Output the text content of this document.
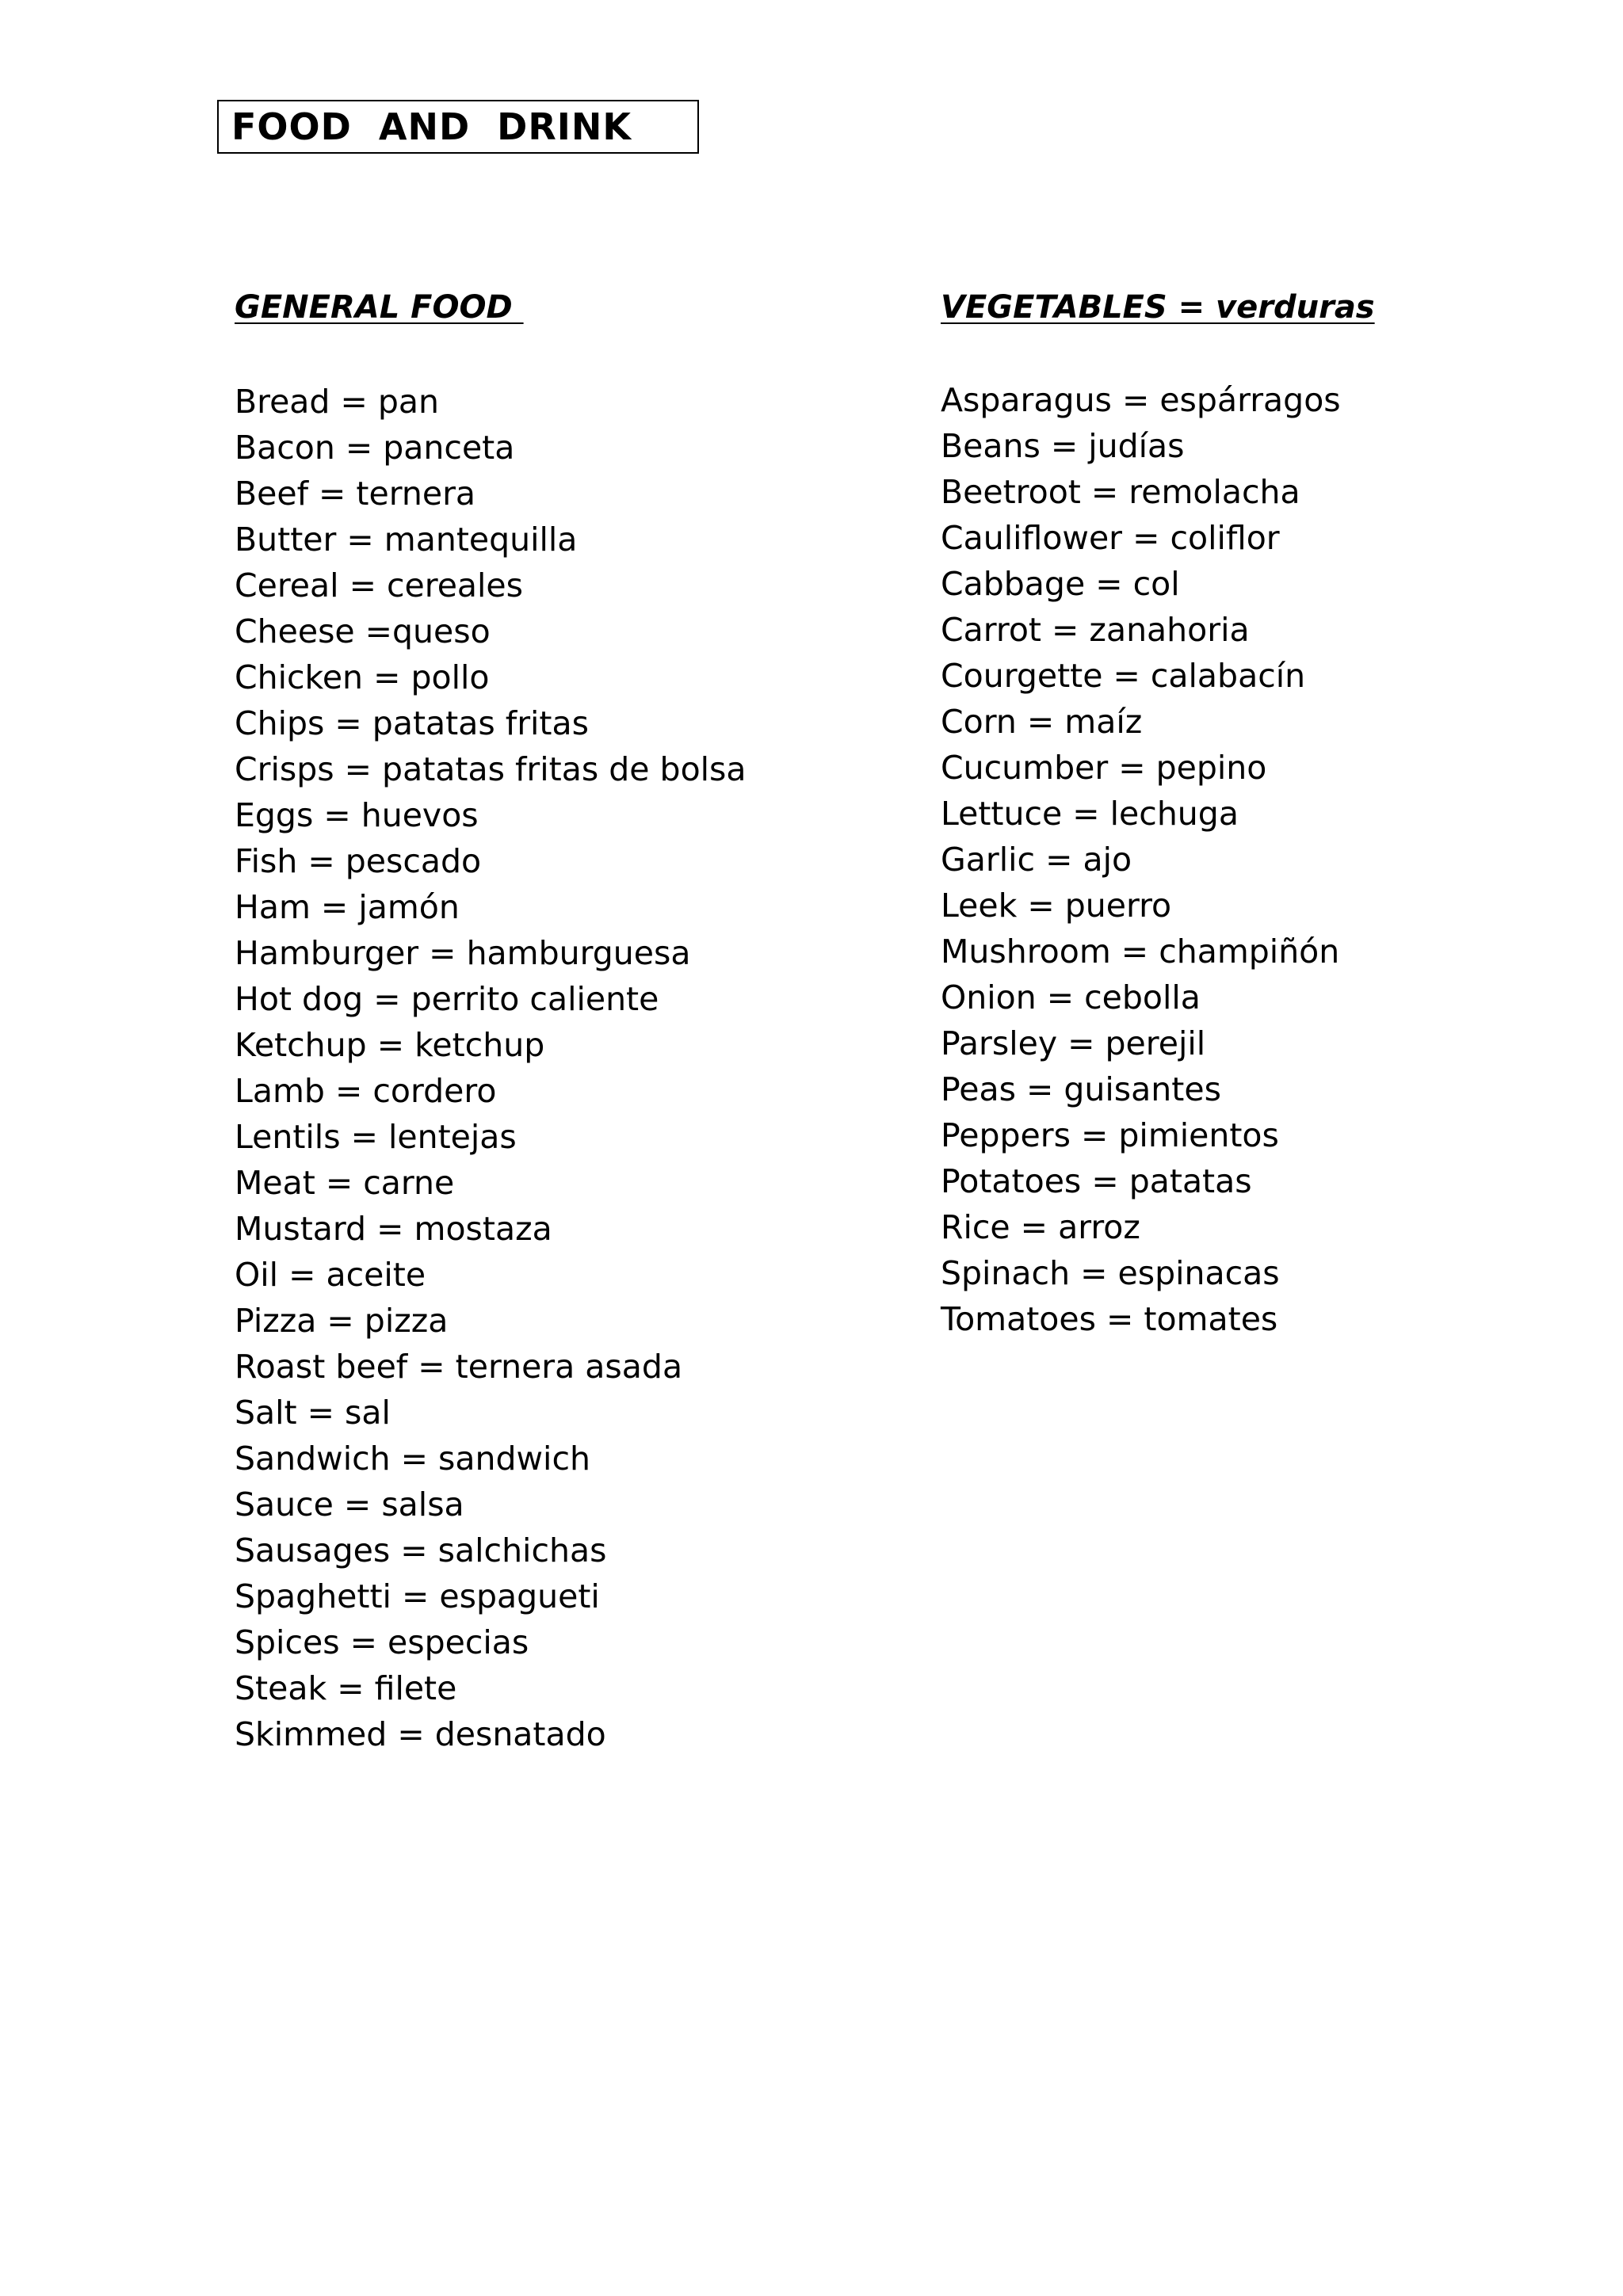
FOOD  AND  DRINK
GENERAL FOOD
Bread = pan
Bacon = panceta
Beef = ternera
Butter = mantequilla
Cereal = cereales
Cheese =queso
Chicken = pollo
Chips = patatas fritas
Crisps = patatas fritas de bolsa
Eggs = huevos
Fish = pescado
Ham = jamón
Hamburger = hamburguesa
Hot dog = perrito caliente
Ketchup = ketchup
Lamb = cordero
Lentils = lentejas
Meat = carne
Mustard = mostaza
Oil = aceite
Pizza = pizza
Roast beef = ternera asada
Salt = sal
Sandwich = sandwich
Sauce = salsa
Sausages = salchichas
Spaghetti = espagueti
Spices = especias
Steak = filete
Skimmed = desnatado
VEGETABLES = verduras
Asparagus = espárragos
Beans = judías
Beetroot = remolacha
Cauliflower = coliflor
Cabbage = col
Carrot = zanahoria
Courgette = calabacín
Corn = maíz
Cucumber = pepino
Lettuce = lechuga
Garlic = ajo
Leek = puerro
Mushroom = champiñón
Onion = cebolla
Parsley = perejil
Peas = guisantes
Peppers = pimientos
Potatoes = patatas
Rice = arroz
Spinach = espinacas
Tomatoes = tomates
